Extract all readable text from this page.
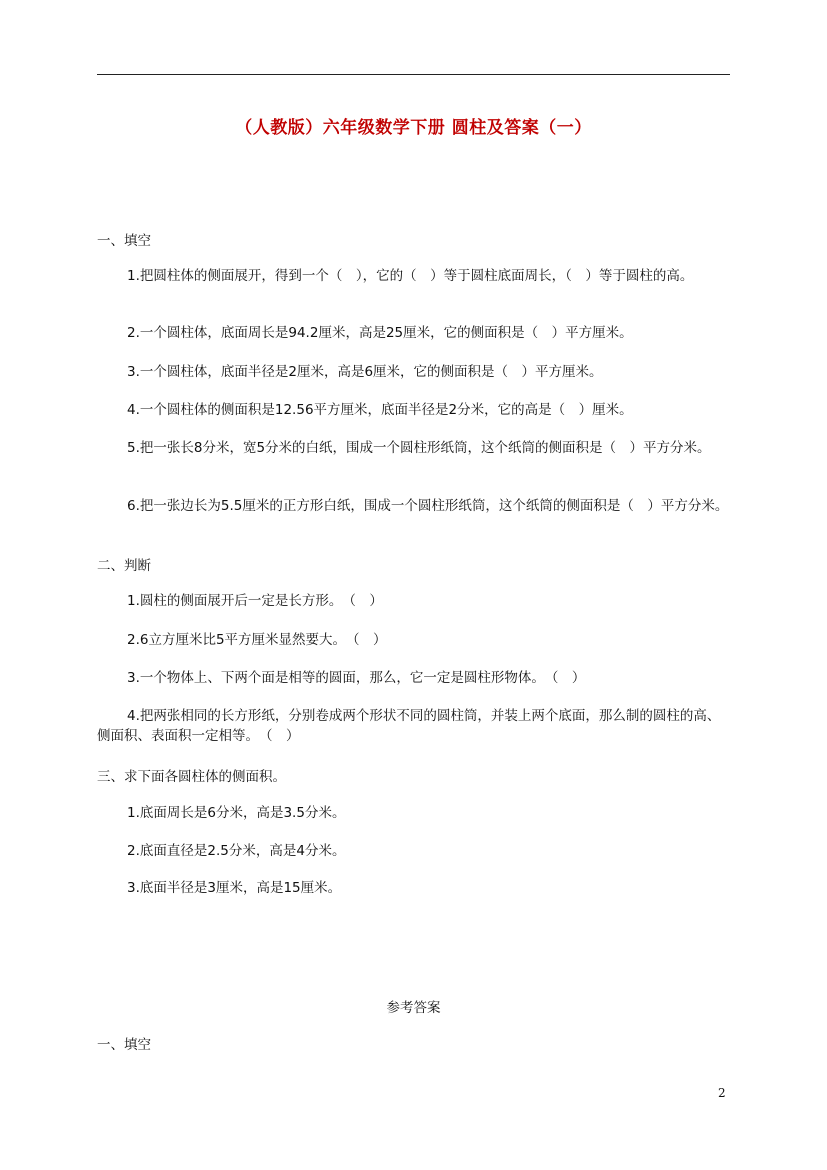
（人教版）六年级数学下册 圆柱及答案（一）
一、填空
1.把圆柱体的侧面展开，得到一个（　），它的（　）等于圆柱底面周长，（　）等于圆柱的高。
2.一个圆柱体，底面周长是94.2厘米，高是25厘米，它的侧面积是（　）平方厘米。
3.一个圆柱体，底面半径是2厘米，高是6厘米，它的侧面积是（　）平方厘米。
4.一个圆柱体的侧面积是12.56平方厘米，底面半径是2分米，它的高是（　）厘米。
5.把一张长8分米，宽5分米的白纸，围成一个圆柱形纸筒，这个纸筒的侧面积是（　）平方分米。
6.把一张边长为5.5厘米的正方形白纸，围成一个圆柱形纸筒，这个纸筒的侧面积是（　）平方分米。
二、判断
1.圆柱的侧面展开后一定是长方形。　（　）
2.6立方厘米比5平方厘米显然要大。　（　）
3.一个物体上、下两个面是相等的圆面，那么，它一定是圆柱形物体。　（　）
4.把两张相同的长方形纸，分别卷成两个形状不同的圆柱筒，并装上两个底面，那么制的圆柱的高、侧面积、表面积一定相等。　（　）
三、求下面各圆柱体的侧面积。
1.底面周长是6分米，高是3.5分米。
2.底面直径是2.5分米，高是4分米。
3.底面半径是3厘米，高是15厘米。
参考答案
一、填空
2
